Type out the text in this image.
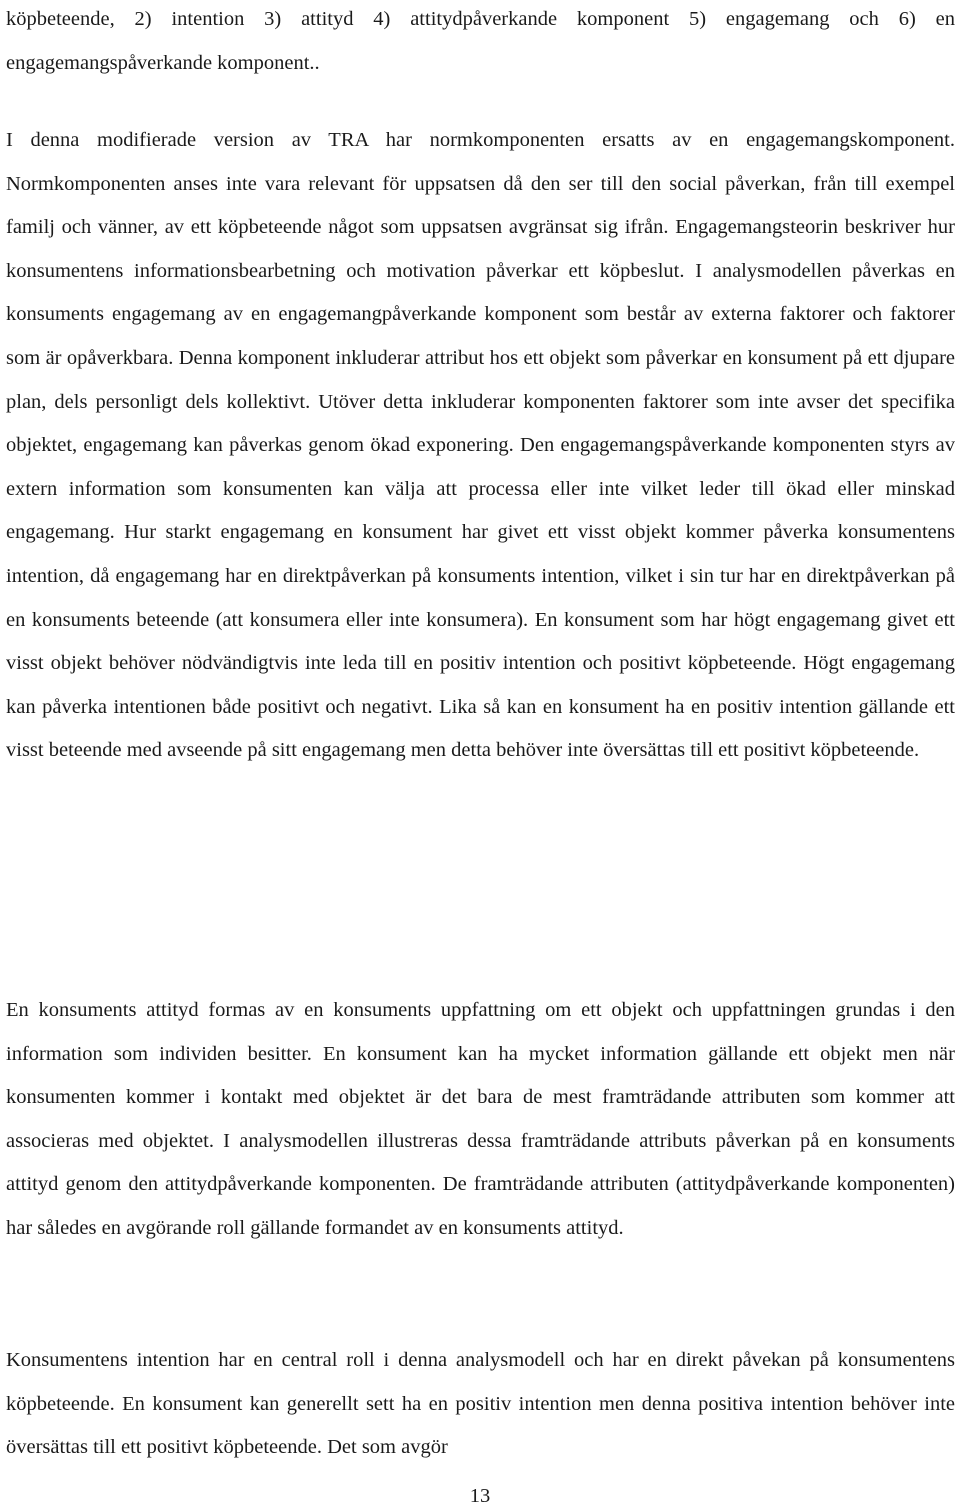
köpbeteende, 2) intention 3) attityd 4) attitydpåverkande komponent 5) engagemang och 6) en engagemangspåverkande komponent..

I denna modifierade version av TRA har normkomponenten ersatts av en engagemangskomponent. Normkomponenten anses inte vara relevant för uppsatsen då den ser till den social påverkan, från till exempel familj och vänner, av ett köpbeteende något som uppsatsen avgränsat sig ifrån. Engagemangsteorin beskriver hur konsumentens informationsbearbetning och motivation påverkar ett köpbeslut. I analysmodellen påverkas en konsuments engagemang av en engagemangpåverkande komponent som består av externa faktorer och faktorer som är opåverkbara. Denna komponent inkluderar attribut hos ett objekt som påverkar en konsument på ett djupare plan, dels personligt dels kollektivt. Utöver detta inkluderar komponenten faktorer som inte avser det specifika objektet, engagemang kan påverkas genom ökad exponering. Den engagemangspåverkande komponenten styrs av extern information som konsumenten kan välja att processa eller inte vilket leder till ökad eller minskad engagemang. Hur starkt engagemang en konsument har givet ett visst objekt kommer påverka konsumentens intention, då engagemang har en direktpåverkan på konsuments intention, vilket i sin tur har en direktpåverkan på en konsuments beteende (att konsumera eller inte konsumera). En konsument som har högt engagemang givet ett visst objekt behöver nödvändigtvis inte leda till en positiv intention och positivt köpbeteende. Högt engagemang kan påverka intentionen både positivt och negativt. Lika så kan en konsument ha en positiv intention gällande ett visst beteende med avseende på sitt engagemang men detta behöver inte översättas till ett positivt köpbeteende.

En konsuments attityd formas av en konsuments uppfattning om ett objekt och uppfattningen grundas i den information som individen besitter. En konsument kan ha mycket information gällande ett objekt men när konsumenten kommer i kontakt med objektet är det bara de mest framträdande attributen som kommer att associeras med objektet. I analysmodellen illustreras dessa framträdande attributs påverkan på en konsuments attityd genom den attitydpåverkande komponenten. De framträdande attributen (attitydpåverkande komponenten) har således en avgörande roll gällande formandet av en konsuments attityd.

Konsumentens intention har en central roll i denna analysmodell och har en direkt påvekan på konsumentens köpbeteende. En konsument kan generellt sett ha en positiv intention men denna positiva intention behöver inte översättas till ett positivt köpbeteende. Det som avgör

13
